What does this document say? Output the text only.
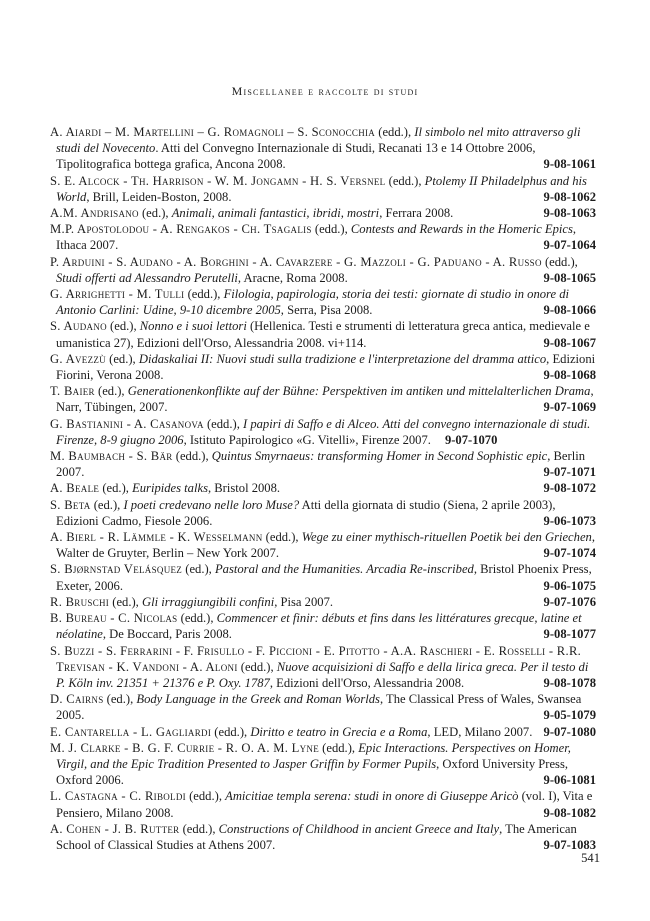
Miscellanee e raccolte di studi

A. Aiardi – M. Martellini – G. Romagnoli – S. Sconocchia (edd.), Il simbolo nel mito attraverso gli studi del Novecento. Atti del Convegno Internazionale di Studi, Recanati 13 e 14 Ottobre 2006, Tipolitografica bottega grafica, Ancona 2008.	9-08-1061

S. E. Alcock - Th. Harrison - W. M. Jongamn - H. S. Versnel (edd.), Ptolemy II Philadelphus and his World, Brill, Leiden-Boston, 2008.	9-08-1062

A.M. Andrisano (ed.), Animali, animali fantastici, ibridi, mostri, Ferrara 2008.	9-08-1063

M.P. Apostolodou - A. Rengakos - Ch. Tsagalis (edd.), Contests and Rewards in the Homeric Epics, Ithaca 2007.	9-07-1064

P. Arduini - S. Audano - A. Borghini - A. Cavarzere - G. Mazzoli - G. Paduano - A. Russo (edd.), Studi offerti ad Alessandro Perutelli, Aracne, Roma 2008.	9-08-1065

G. Arrighetti - M. Tulli (edd.), Filologia, papirologia, storia dei testi: giornate di studio in onore di Antonio Carlini: Udine, 9-10 dicembre 2005, Serra, Pisa 2008.	9-08-1066

S. Audano (ed.), Nonno e i suoi lettori (Hellenica. Testi e strumenti di letteratura greca antica, medievale e umanistica 27), Edizioni dell'Orso, Alessandria 2008. vi+114.	9-08-1067

G. Avezzù (ed.), Didaskaliai II: Nuovi studi sulla tradizione e l'interpretazione del dramma attico, Edizioni Fiorini, Verona 2008.	9-08-1068

T. Baier (ed.), Generationenkonflikte auf der Bühne: Perspektiven im antiken und mittelalterlichen Drama, Narr, Tübingen, 2007.	9-07-1069

G. Bastianini - A. Casanova (edd.), I papiri di Saffo e di Alceo. Atti del convegno internazionale di studi. Firenze, 8-9 giugno 2006, Istituto Papirologico «G. Vitelli», Firenze 2007. 9-07-1070

M. Baumbach - S. Bär (edd.), Quintus Smyrnaeus: transforming Homer in Second Sophistic epic, Berlin 2007.	9-07-1071

A. Beale (ed.), Euripides talks, Bristol 2008.	9-08-1072

S. Beta (ed.), I poeti credevano nelle loro Muse? Atti della giornata di studio (Siena, 2 aprile 2003), Edizioni Cadmo, Fiesole 2006.	9-06-1073

A. Bierl - R. Lämmle - K. Wesselmann (edd.), Wege zu einer mythisch-rituellen Poetik bei den Griechen, Walter de Gruyter, Berlin – New York 2007.	9-07-1074

S. Bjørnstad Velásquez (ed.), Pastoral and the Humanities. Arcadia Re-inscribed, Bristol Phoenix Press, Exeter, 2006.	9-06-1075

R. Bruschi (ed.), Gli irraggiungibili confini, Pisa 2007.	9-07-1076

B. Bureau - C. Nicolas (edd.), Commencer et finir: débuts et fins dans les littératures grecque, latine et néolatine, De Boccard, Paris 2008.	9-08-1077

S. Buzzi - S. Ferrarini - F. Frisullo - F. Piccioni - E. Pitotto - A.A. Raschieri - E. Rosselli - R.R. Trevisan - K. Vandoni - A. Aloni (edd.), Nuove acquisizioni di Saffo e della lirica greca. Per il testo di P. Köln inv. 21351 + 21376 e P. Oxy. 1787, Edizioni dell'Orso, Alessandria 2008.	9-08-1078

D. Cairns (ed.), Body Language in the Greek and Roman Worlds, The Classical Press of Wales, Swansea 2005.	9-05-1079

E. Cantarella - L. Gagliardi (edd.), Diritto e teatro in Grecia e a Roma, LED, Milano 2007. 9-07-1080

M. J. Clarke - B. G. F. Currie - R. O. A. M. Lyne (edd.), Epic Interactions. Perspectives on Homer, Virgil, and the Epic Tradition Presented to Jasper Griffin by Former Pupils, Oxford University Press, Oxford 2006.	9-06-1081

L. Castagna - C. Riboldi (edd.), Amicitiae templa serena: studi in onore di Giuseppe Aricò (vol. I), Vita e Pensiero, Milano 2008.	9-08-1082

A. Cohen - J. B. Rutter (edd.), Constructions of Childhood in ancient Greece and Italy, The American School of Classical Studies at Athens 2007.	9-07-1083

541
